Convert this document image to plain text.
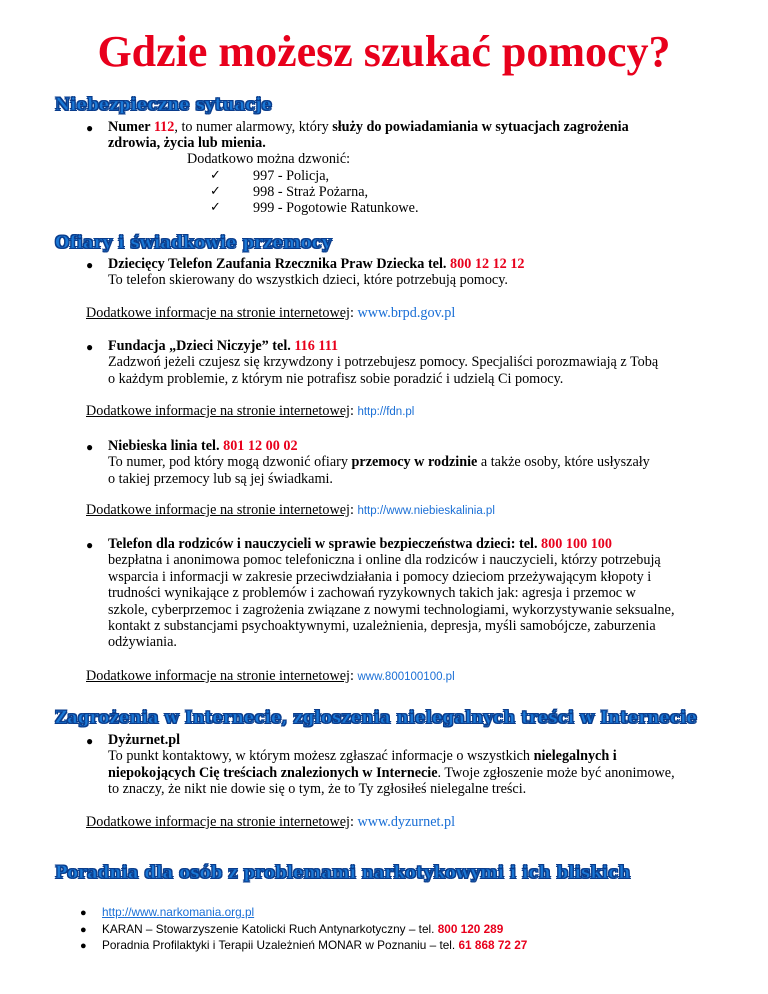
Gdzie możesz szukać pomocy?
Niebezpieczne sytuacje
● Numer 112, to numer alarmowy, który służy do powiadamiania w sytuacjach zagrożenia

zdrowia, życia lub mienia.

Dodatkowo można dzwonić:
✓ 997 - Policja,
✓ 998 - Straż Pożarna,
✓ 999 - Pogotowie Ratunkowe.
Ofiary i świadkowie przemocy
● Dziecięcy Telefon Zaufania Rzecznika Praw Dziecka tel. 800 12 12 12

To telefon skierowany do wszystkich dzieci, które potrzebują pomocy.

Dodatkowe informacje na stronie internetowej: www.brpd.gov.pl
● Fundacja „Dzieci Niczyje” tel. 116 111

Zadzwoń jeżeli czujesz się krzywdzony i potrzebujesz pomocy. Specjaliści porozmawiają z Tobą

o każdym problemie, z którym nie potrafisz sobie poradzić i udzielą Ci pomocy.

Dodatkowe informacje na stronie internetowej: http://fdn.pl
● Niebieska linia tel. 801 12 00 02

To numer, pod który mogą dzwonić ofiary przemocy w rodzinie a także osoby, które usłyszały

o takiej przemocy lub są jej świadkami.

Dodatkowe informacje na stronie internetowej: http://www.niebieskalinia.pl
● Telefon dla rodziców i nauczycieli w sprawie bezpieczeństwa dzieci: tel. 800 100 100

bezpłatna i anonimowa pomoc telefoniczna i online dla rodziców i nauczycieli, którzy potrzebują

wsparcia i informacji w zakresie przeciwdziałania i pomocy dzieciom przeżywającym kłopoty i

trudności wynikające z problemów i zachowań ryzykownych takich jak: agresja i przemoc w

szkole, cyberprzemoc i zagrożenia związane z nowymi technologiami, wykorzystywanie seksualne,

kontakt z substancjami psychoaktywnymi, uzależnienia, depresja, myśli samobójcze, zaburzenia

odżywiania.

Dodatkowe informacje na stronie internetowej: www.800100100.pl
Zagrożenia w Internecie, zgłoszenia nielegalnych treści w Internecie
● Dyżurnet.pl

To punkt kontaktowy, w którym możesz zgłaszać informacje o wszystkich nielegalnych i

niepokojących Cię treściach znalezionych w Internecie. Twoje zgłoszenie może być anonimowe,

to znaczy, że nikt nie dowie się o tym, że to Ty zgłosiłeś nielegalne treści.

Dodatkowe informacje na stronie internetowej: www.dyzurnet.pl
Poradnia dla osób z problemami narkotykowymi i ich bliskich
● http://www.narkomania.org.pl
● KARAN – Stowarzyszenie Katolicki Ruch Antynarkotyczny – tel. 800 120 289
● Poradnia Profilaktyki i Terapii Uzależnień MONAR w Poznaniu – tel. 61 868 72 27
